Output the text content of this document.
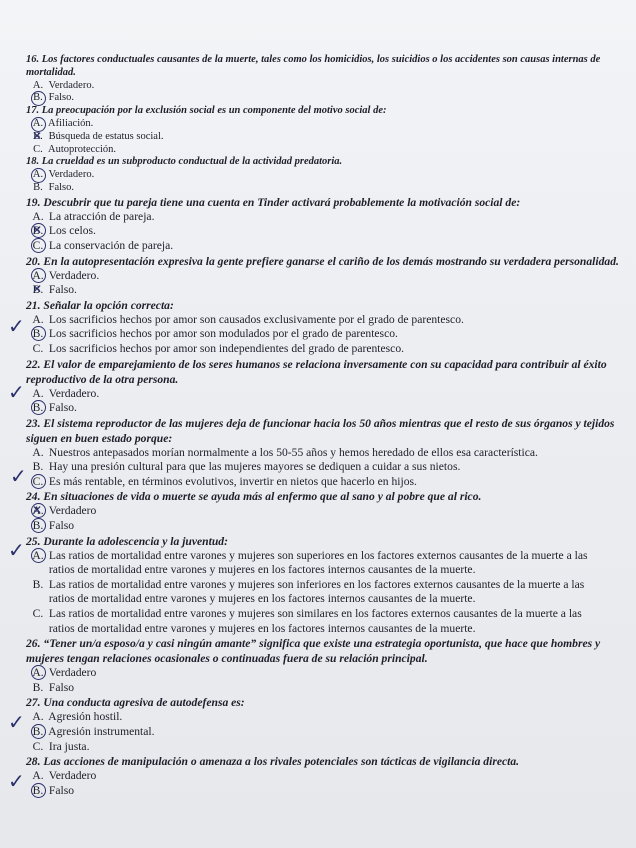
16. Los factores conductuales causantes de la muerte, tales como los homicidios, los suicidios o los accidentes son causas internas de mortalidad.

A. Verdadero.

B. Falso.

17. La preocupación por la exclusión social es un componente del motivo social de:

A. Afiliación.

✕ B. Búsqueda de estatus social.

C. Autoprotección.

18. La crueldad es un subproducto conductual de la actividad predatoria.

A. Verdadero.

B. Falso.

19. Descubrir que tu pareja tiene una cuenta en Tinder activará probablemente la motivación social de:

A. La atracción de pareja.

✕ B. Los celos.

C. La conservación de pareja.

20. En la autopresentación expresiva la gente prefiere ganarse el cariño de los demás mostrando su verdadera personalidad.

A. Verdadero.

✕ B. Falso.

21. Señalar la opción correcta:

A. Los sacrificios hechos por amor son causados exclusivamente por el grado de parentesco.

✓ B. Los sacrificios hechos por amor son modulados por el grado de parentesco.

C. Los sacrificios hechos por amor son independientes del grado de parentesco.

22. El valor de emparejamiento de los seres humanos se relaciona inversamente con su capacidad para contribuir al éxito reproductivo de la otra persona.

✓ A. Verdadero.

B. Falso.

23. El sistema reproductor de las mujeres deja de funcionar hacia los 50 años mientras que el resto de sus órganos y tejidos siguen en buen estado porque:

A. Nuestros antepasados morían normalmente a los 50-55 años y hemos heredado de ellos esa característica.

B. Hay una presión cultural para que las mujeres mayores se dediquen a cuidar a sus nietos.

✓ C. Es más rentable, en términos evolutivos, invertir en nietos que hacerlo en hijos.

24. En situaciones de vida o muerte se ayuda más al enfermo que al sano y al pobre que al rico.

✕ A. Verdadero

B. Falso

25. Durante la adolescencia y la juventud:

✓ A. Las ratios de mortalidad entre varones y mujeres son superiores en los factores externos causantes de la muerte a las ratios de mortalidad entre varones y mujeres en los factores internos causantes de la muerte.

B. Las ratios de mortalidad entre varones y mujeres son inferiores en los factores externos causantes de la muerte a las ratios de mortalidad entre varones y mujeres en los factores internos causantes de la muerte.

C. Las ratios de mortalidad entre varones y mujeres son similares en los factores externos causantes de la muerte a las ratios de mortalidad entre varones y mujeres en los factores internos causantes de la muerte.

26. “Tener un/a esposo/a y casi ningún amante” significa que existe una estrategia oportunista, que hace que hombres y mujeres tengan relaciones ocasionales o continuadas fuera de su relación principal.

A. Verdadero

B. Falso

27. Una conducta agresiva de autodefensa es:

A. Agresión hostil.

✓ B. Agresión instrumental.

C. Ira justa.

28. Las acciones de manipulación o amenaza a los rivales potenciales son tácticas de vigilancia directa.

A. Verdadero

✓ B. Falso
